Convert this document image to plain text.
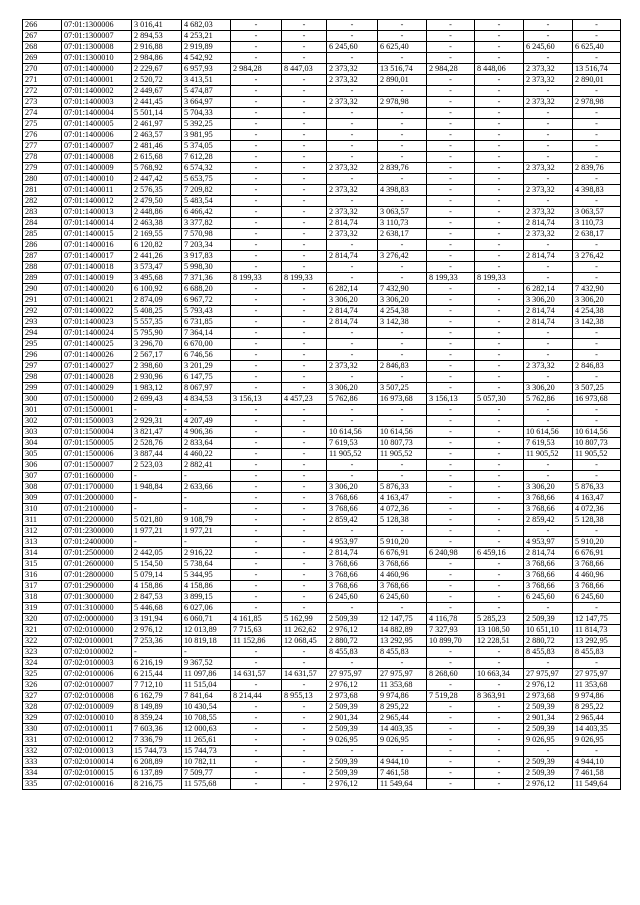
266	07:01:1300006	3 016,41	4 682,03	-	-	-	-	-	-	-	-
267	07:01:1300007	2 894,53	4 253,21	-	-	-	-	-	-	-	-
268	07:01:1300008	2 916,88	2 919,89	-	-	6 245,60	6 625,40	-	-	6 245,60	6 625,40
269	07:01:1300010	2 984,86	4 542,92	-	-	-	-	-	-	-	-
270	07:01:1400000	2 229,67	6 957,93	2 984,28	8 447,03	2 373,32	13 516,74	2 984,28	8 448,06	2 373,32	13 516,74
271	07:01:1400001	2 520,72	3 413,51	-	-	2 373,32	2 890,01	-	-	2 373,32	2 890,01
272	07:01:1400002	2 449,67	5 474,87	-	-	-	-	-	-	-	-
273	07:01:1400003	2 441,45	3 664,97	-	-	2 373,32	2 978,98	-	-	2 373,32	2 978,98
274	07:01:1400004	5 501,14	5 704,33	-	-	-	-	-	-	-	-
275	07:01:1400005	2 461,97	5 392,25	-	-	-	-	-	-	-	-
276	07:01:1400006	2 463,57	3 981,95	-	-	-	-	-	-	-	-
277	07:01:1400007	2 481,46	5 374,05	-	-	-	-	-	-	-	-
278	07:01:1400008	2 615,68	7 612,28	-	-	-	-	-	-	-	-
279	07:01:1400009	5 768,92	6 574,32	-	-	2 373,32	2 839,76	-	-	2 373,32	2 839,76
280	07:01:1400010	2 447,42	5 653,75	-	-	-	-	-	-	-	-
281	07:01:1400011	2 576,35	7 209,82	-	-	2 373,32	4 398,83	-	-	2 373,32	4 398,83
282	07:01:1400012	2 479,50	5 483,54	-	-	-	-	-	-	-	-
283	07:01:1400013	2 448,86	6 466,42	-	-	2 373,32	3 063,57	-	-	2 373,32	3 063,57
284	07:01:1400014	2 463,38	3 377,82	-	-	2 814,74	3 110,73	-	-	2 814,74	3 110,73
285	07:01:1400015	2 169,55	7 570,98	-	-	2 373,32	2 638,17	-	-	2 373,32	2 638,17
286	07:01:1400016	6 120,82	7 203,34	-	-	-	-	-	-	-	-
287	07:01:1400017	2 441,26	3 917,83	-	-	2 814,74	3 276,42	-	-	2 814,74	3 276,42
288	07:01:1400018	3 573,47	5 998,30	-	-	-	-	-	-	-	-
289	07:01:1400019	3 495,68	7 371,36	8 199,33	8 199,33	-	-	8 199,33	8 199,33	-	-
290	07:01:1400020	6 100,92	6 688,20	-	-	6 282,14	7 432,90	-	-	6 282,14	7 432,90
291	07:01:1400021	2 874,09	6 967,72	-	-	3 306,20	3 306,20	-	-	3 306,20	3 306,20
292	07:01:1400022	5 408,25	5 793,43	-	-	2 814,74	4 254,38	-	-	2 814,74	4 254,38
293	07:01:1400023	5 557,35	6 731,85	-	-	2 814,74	3 142,38	-	-	2 814,74	3 142,38
294	07:01:1400024	5 795,90	7 364,14	-	-	-	-	-	-	-	-
295	07:01:1400025	3 296,70	6 670,00	-	-	-	-	-	-	-	-
296	07:01:1400026	2 567,17	6 746,56	-	-	-	-	-	-	-	-
297	07:01:1400027	2 398,60	3 201,29	-	-	2 373,32	2 846,83	-	-	2 373,32	2 846,83
298	07:01:1400028	2 930,96	6 147,75	-	-	-	-	-	-	-	-
299	07:01:1400029	1 983,12	8 067,97	-	-	3 306,20	3 507,25	-	-	3 306,20	3 507,25
300	07:01:1500000	2 699,43	4 834,53	3 156,13	4 457,23	5 762,86	16 973,68	3 156,13	5 057,30	5 762,86	16 973,68
301	07:01:1500001	-	-	-	-	-	-	-	-	-	-
302	07:01:1500003	2 929,31	4 207,49	-	-	-	-	-	-	-	-
303	07:01:1500004	3 821,47	4 906,36	-	-	10 614,56	10 614,56	-	-	10 614,56	10 614,56
304	07:01:1500005	2 528,76	2 833,64	-	-	7 619,53	10 807,73	-	-	7 619,53	10 807,73
305	07:01:1500006	3 887,44	4 460,22	-	-	11 905,52	11 905,52	-	-	11 905,52	11 905,52
306	07:01:1500007	2 523,03	2 882,41	-	-	-	-	-	-	-	-
307	07:01:1600000	-	-	-	-	-	-	-	-	-	-
308	07:01:1700000	1 948,84	2 633,66	-	-	3 306,20	5 876,33	-	-	3 306,20	5 876,33
309	07:01:2000000	-	-	-	-	3 768,66	4 163,47	-	-	3 768,66	4 163,47
310	07:01:2100000	-	-	-	-	3 768,66	4 072,36	-	-	3 768,66	4 072,36
311	07:01:2200000	5 021,80	9 108,79	-	-	2 859,42	5 128,38	-	-	2 859,42	5 128,38
312	07:01:2300000	1 977,21	1 977,21	-	-	-	-	-	-	-	-
313	07:01:2400000	-	-	-	-	4 953,97	5 910,20	-	-	4 953,97	5 910,20
314	07:01:2500000	2 442,05	2 916,22	-	-	2 814,74	6 676,91	6 240,98	6 459,16	2 814,74	6 676,91
315	07:01:2600000	5 154,50	5 738,64	-	-	3 768,66	3 768,66	-	-	3 768,66	3 768,66
316	07:01:2800000	5 079,14	5 344,95	-	-	3 768,66	4 460,96	-	-	3 768,66	4 460,96
317	07:01:2900000	4 158,86	4 158,86	-	-	3 768,66	3 768,66	-	-	3 768,66	3 768,66
318	07:01:3000000	2 847,53	3 899,15	-	-	6 245,60	6 245,60	-	-	6 245,60	6 245,60
319	07:01:3100000	5 446,68	6 027,06	-	-	-	-	-	-	-	-
320	07:02:0000000	3 191,94	6 060,71	4 161,85	5 162,99	2 509,39	12 147,75	4 116,78	5 285,23	2 509,39	12 147,75
321	07:02:0100000	2 976,12	12 013,89	7 715,63	11 262,62	2 976,12	14 882,89	7 327,93	13 108,50	10 651,10	11 814,73
322	07:02:0100001	7 253,36	10 819,18	11 152,86	12 068,45	2 880,72	13 292,95	10 899,70	12 228,51	2 880,72	13 292,95
323	07:02:0100002	-	-	-	-	8 455,83	8 455,83	-	-	8 455,83	8 455,83
324	07:02:0100003	6 216,19	9 367,52	-	-	-	-	-	-	-	-
325	07:02:0100006	6 215,44	11 097,86	14 631,57	14 631,57	27 975,97	27 975,97	8 268,60	10 663,34	27 975,97	27 975,97
326	07:02:0100007	7 712,10	11 515,04	-	-	2 976,12	11 353,68	-	-	2 976,12	11 353,68
327	07:02:0100008	6 162,79	7 841,64	8 214,44	8 955,13	2 973,68	9 974,86	7 519,28	8 363,91	2 973,68	9 974,86
328	07:02:0100009	8 149,89	10 430,54	-	-	2 509,39	8 295,22	-	-	2 509,39	8 295,22
329	07:02:0100010	8 359,24	10 708,55	-	-	2 901,34	2 965,44	-	-	2 901,34	2 965,44
330	07:02:0100011	7 603,36	12 000,63	-	-	2 509,39	14 403,35	-	-	2 509,39	14 403,35
331	07:02:0100012	7 336,79	11 265,61	-	-	9 026,95	9 026,95	-	-	9 026,95	9 026,95
332	07:02:0100013	15 744,73	15 744,73	-	-	-	-	-	-	-	-
333	07:02:0100014	6 208,89	10 782,11	-	-	2 509,39	4 944,10	-	-	2 509,39	4 944,10
334	07:02:0100015	6 137,89	7 509,77	-	-	2 509,39	7 461,58	-	-	2 509,39	7 461,58
335	07:02:0100016	8 216,75	11 575,68	-	-	2 976,12	11 549,64	-	-	2 976,12	11 549,64
